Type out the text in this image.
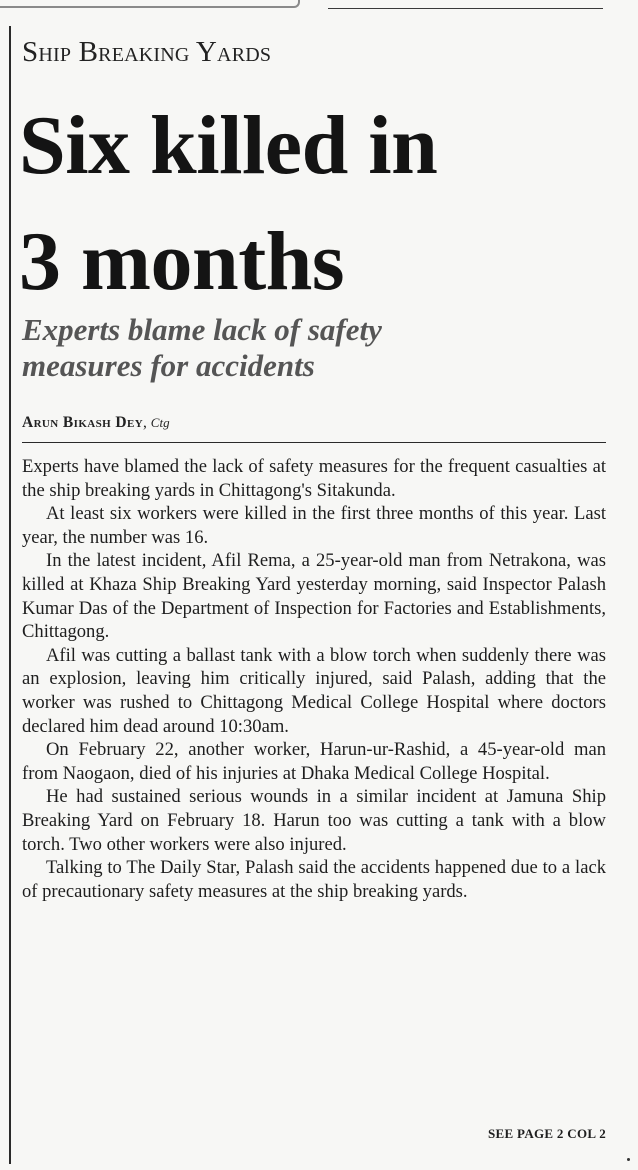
Ship Breaking Yards
Six killed in
3 months
Experts blame lack of safety
measures for accidents
Arun Bikash Dey, Ctg

Experts have blamed the lack of safety measures for the frequent casualties at the ship breaking yards in Chittagong's Sitakunda.

At least six workers were killed in the first three months of this year. Last year, the number was 16.

In the latest incident, Afil Rema, a 25-year-old man from Netrakona, was killed at Khaza Ship Breaking Yard yesterday morning, said Inspector Palash Kumar Das of the Department of Inspection for Factories and Establishments, Chittagong.

Afil was cutting a ballast tank with a blow torch when suddenly there was an explosion, leaving him critically injured, said Palash, adding that the worker was rushed to Chittagong Medical College Hospital where doctors declared him dead around 10:30am.

On February 22, another worker, Harun-ur-Rashid, a 45-year-old man from Naogaon, died of his injuries at Dhaka Medical College Hospital.

He had sustained serious wounds in a similar incident at Jamuna Ship Breaking Yard on February 18. Harun too was cutting a tank with a blow torch. Two other workers were also injured.

Talking to The Daily Star, Palash said the accidents happened due to a lack of precautionary safety measures at the ship breaking yards.

SEE PAGE 2 COL 2
